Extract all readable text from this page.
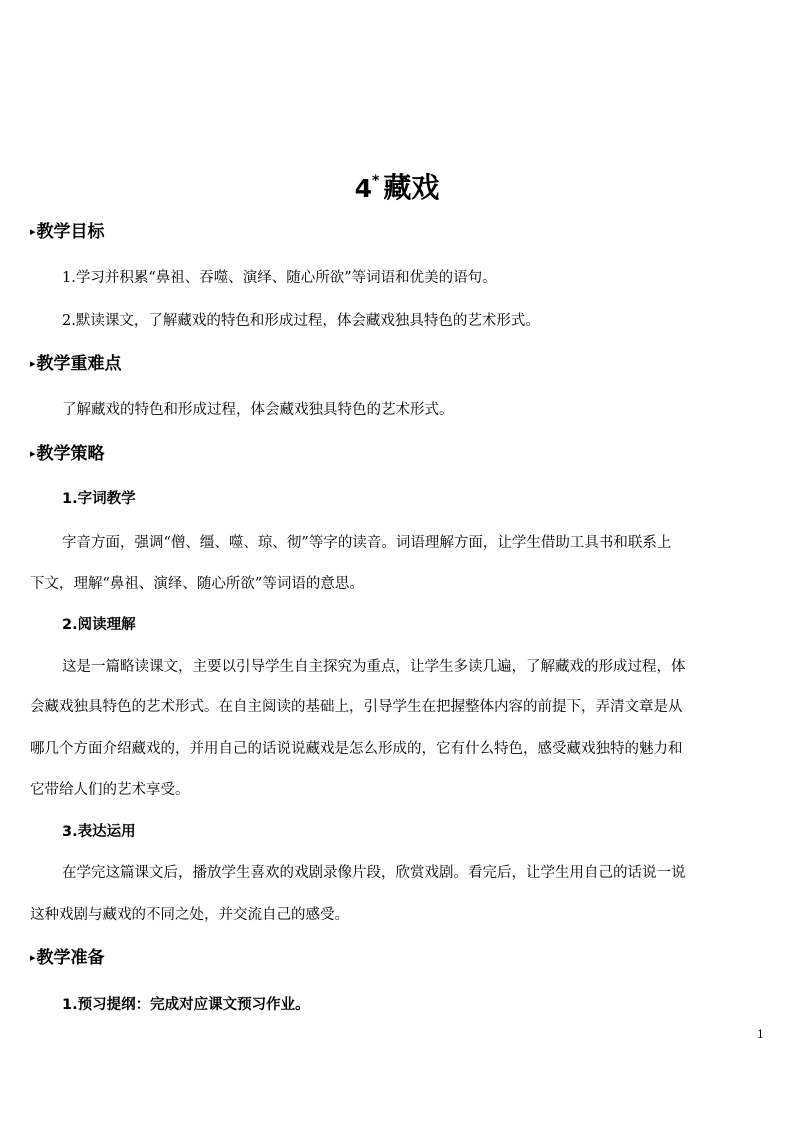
4* 藏戏
▸教学目标
1.学习并积累“鼻祖、吞噬、演绎、随心所欲”等词语和优美的语句。
2.默读课文，了解藏戏的特色和形成过程，体会藏戏独具特色的艺术形式。
▸教学重难点
了解藏戏的特色和形成过程，体会藏戏独具特色的艺术形式。
▸教学策略
1.字词教学
字音方面，强调“僧、缰、噬、琼、彻”等字的读音。词语理解方面，让学生借助工具书和联系上
下文，理解“鼻祖、演绎、随心所欲”等词语的意思。
2.阅读理解
这是一篇略读课文，主要以引导学生自主探究为重点，让学生多读几遍，了解藏戏的形成过程，体
会藏戏独具特色的艺术形式。在自主阅读的基础上，引导学生在把握整体内容的前提下，弄清文章是从
哪几个方面介绍藏戏的，并用自己的话说说藏戏是怎么形成的，它有什么特色，感受藏戏独特的魅力和
它带给人们的艺术享受。
3.表达运用
在学完这篇课文后，播放学生喜欢的戏剧录像片段，欣赏戏剧。看完后，让学生用自己的话说一说
这种戏剧与藏戏的不同之处，并交流自己的感受。
▸教学准备
1.预习提纲：完成对应课文预习作业。
1
